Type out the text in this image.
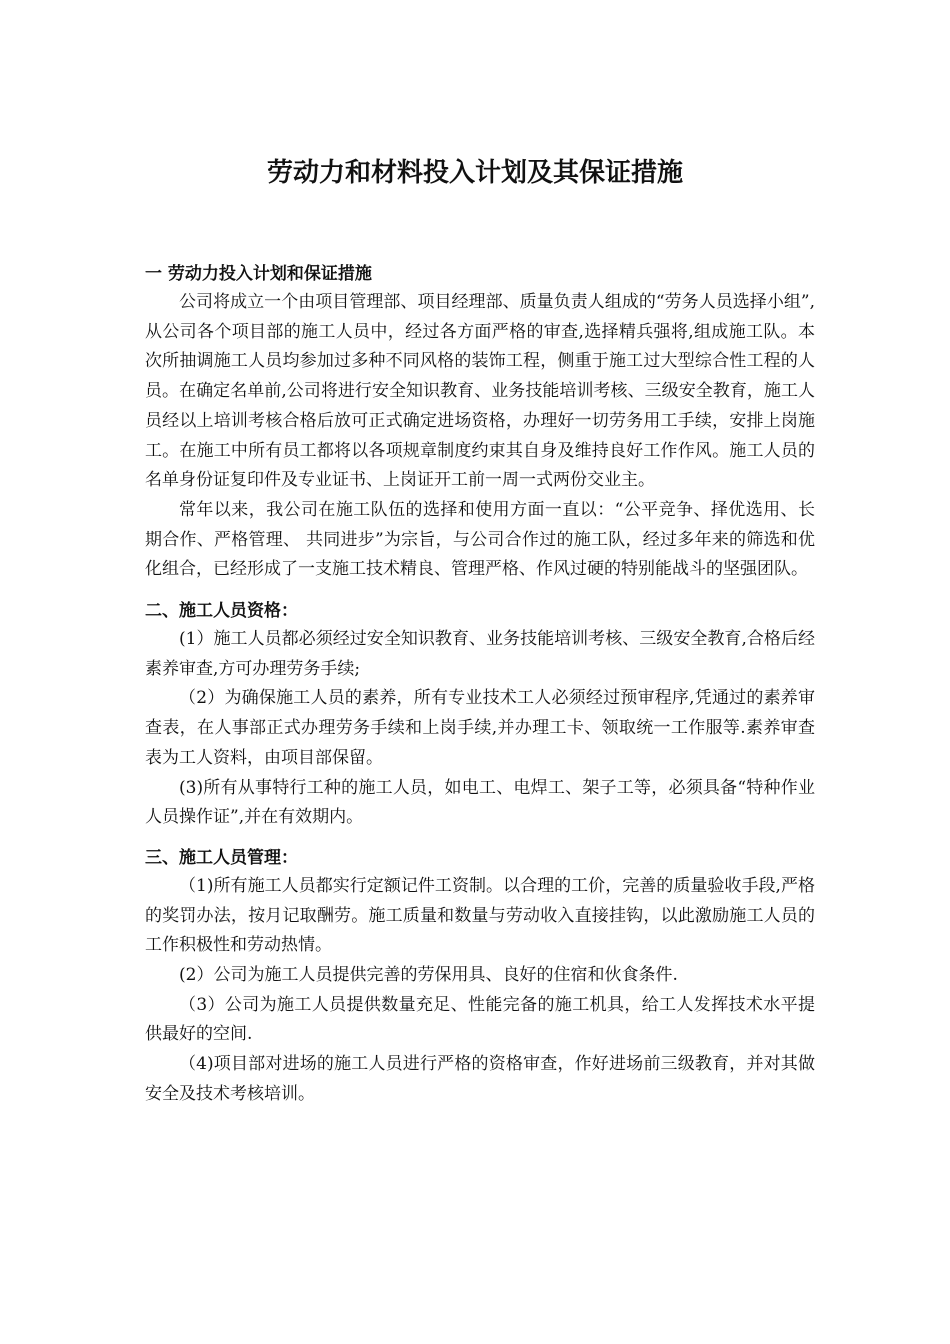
劳动力和材料投入计划及其保证措施

一 劳动力投入计划和保证措施

公司将成立一个由项目管理部、项目经理部、质量负责人组成的“劳务人员选择小组”,从公司各个项目部的施工人员中，经过各方面严格的审查,选择精兵强将,组成施工队。本次所抽调施工人员均参加过多种不同风格的装饰工程，侧重于施工过大型综合性工程的人员。在确定名单前,公司将进行安全知识教育、业务技能培训考核、三级安全教育，施工人员经以上培训考核合格后放可正式确定进场资格，办理好一切劳务用工手续，安排上岗施工。在施工中所有员工都将以各项规章制度约束其自身及维持良好工作作风。施工人员的名单身份证复印件及专业证书、上岗证开工前一周一式两份交业主。

常年以来，我公司在施工队伍的选择和使用方面一直以：“公平竞争、择优选用、长期合作、严格管理、 共同进步”为宗旨，与公司合作过的施工队，经过多年来的筛选和优化组合，已经形成了一支施工技术精良、管理严格、作风过硬的特别能战斗的坚强团队。

二、施工人员资格：

(1）施工人员都必须经过安全知识教育、业务技能培训考核、三级安全教育,合格后经素养审查,方可办理劳务手续;

（2）为确保施工人员的素养，所有专业技术工人必须经过预审程序,凭通过的素养审查表，在人事部正式办理劳务手续和上岗手续,并办理工卡、领取统一工作服等.素养审查表为工人资料，由项目部保留。

(3)所有从事特行工种的施工人员，如电工、电焊工、架子工等，必须具备“特种作业人员操作证”,并在有效期内。

三、施工人员管理：

（1)所有施工人员都实行定额记件工资制。以合理的工价，完善的质量验收手段,严格的奖罚办法，按月记取酬劳。施工质量和数量与劳动收入直接挂钩，以此激励施工人员的工作积极性和劳动热情。

(2）公司为施工人员提供完善的劳保用具、良好的住宿和伙食条件.

（3）公司为施工人员提供数量充足、性能完备的施工机具，给工人发挥技术水平提供最好的空间.

（4)项目部对进场的施工人员进行严格的资格审查，作好进场前三级教育，并对其做安全及技术考核培训。
